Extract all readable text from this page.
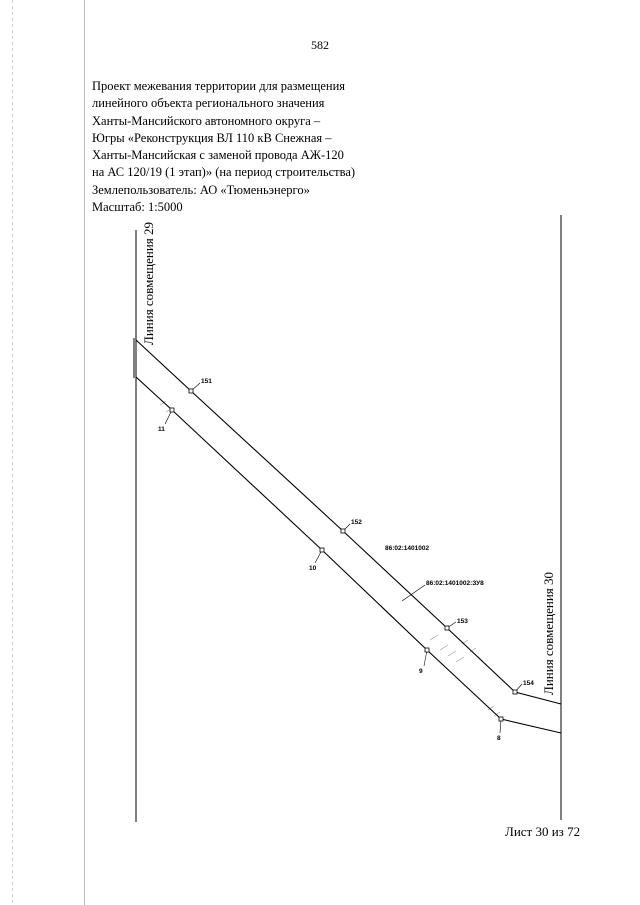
582
Проект межевания территории для размещения
линейного объекта регионального значения
Ханты-Мансийского автономного округа –
Югры «Реконструкция ВЛ 110 кВ Снежная –
Ханты-Мансийская с заменой провода АЖ-120
на АС 120/19 (1 этап)» (на период строительства)
Землепользователь: АО «Тюменьэнерго»
Масштаб: 1:5000
151
152
153
154
11
10
9
8
86:02:1401002
86:02:1401002:ЗУ8
Линия совмещения 29
Линия совмещения 30
Лист 30 из 72
